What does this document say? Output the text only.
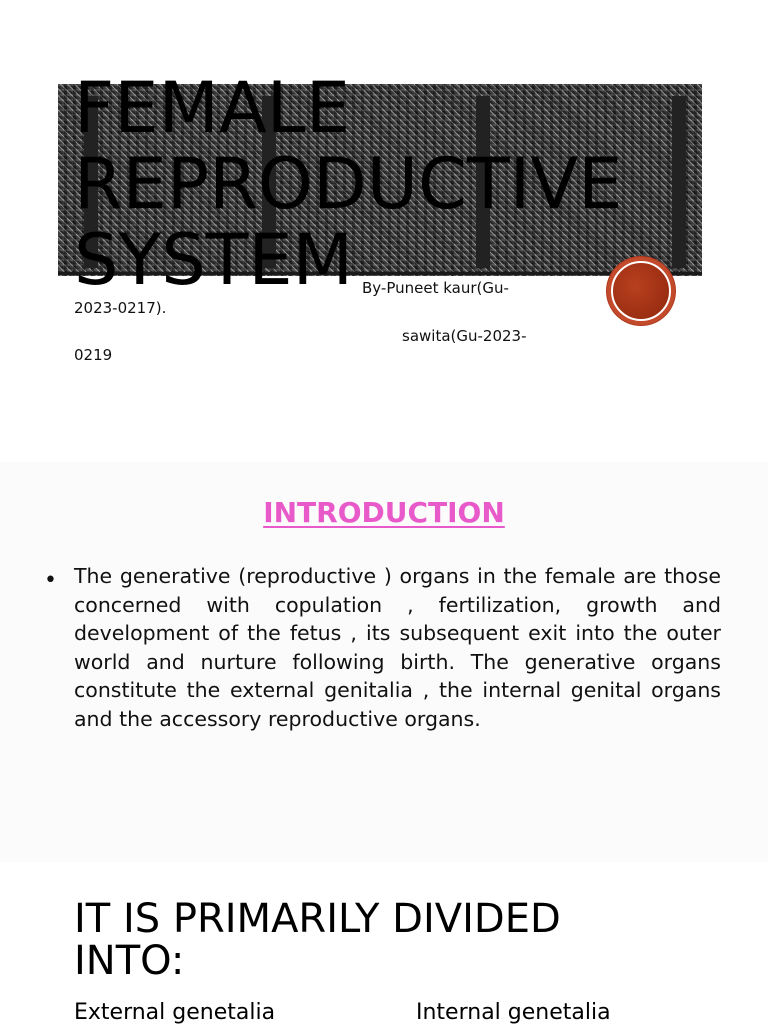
FEMALE
REPRODUCTIVE
SYSTEM By-Puneet kaur(Gu-

2023-0217).

sawita(Gu-2023-

0219

INTRODUCTION
• The generative (reproductive ) organs in the female are those concerned with copulation , fertilization, growth and development of the fetus , its subsequent exit into the outer world and nurture following birth. The generative organs constitute the external genitalia , the internal genital organs and the accessory reproductive organs.

IT IS PRIMARILY DIVIDED INTO:

External genetalia	Internal genetalia
